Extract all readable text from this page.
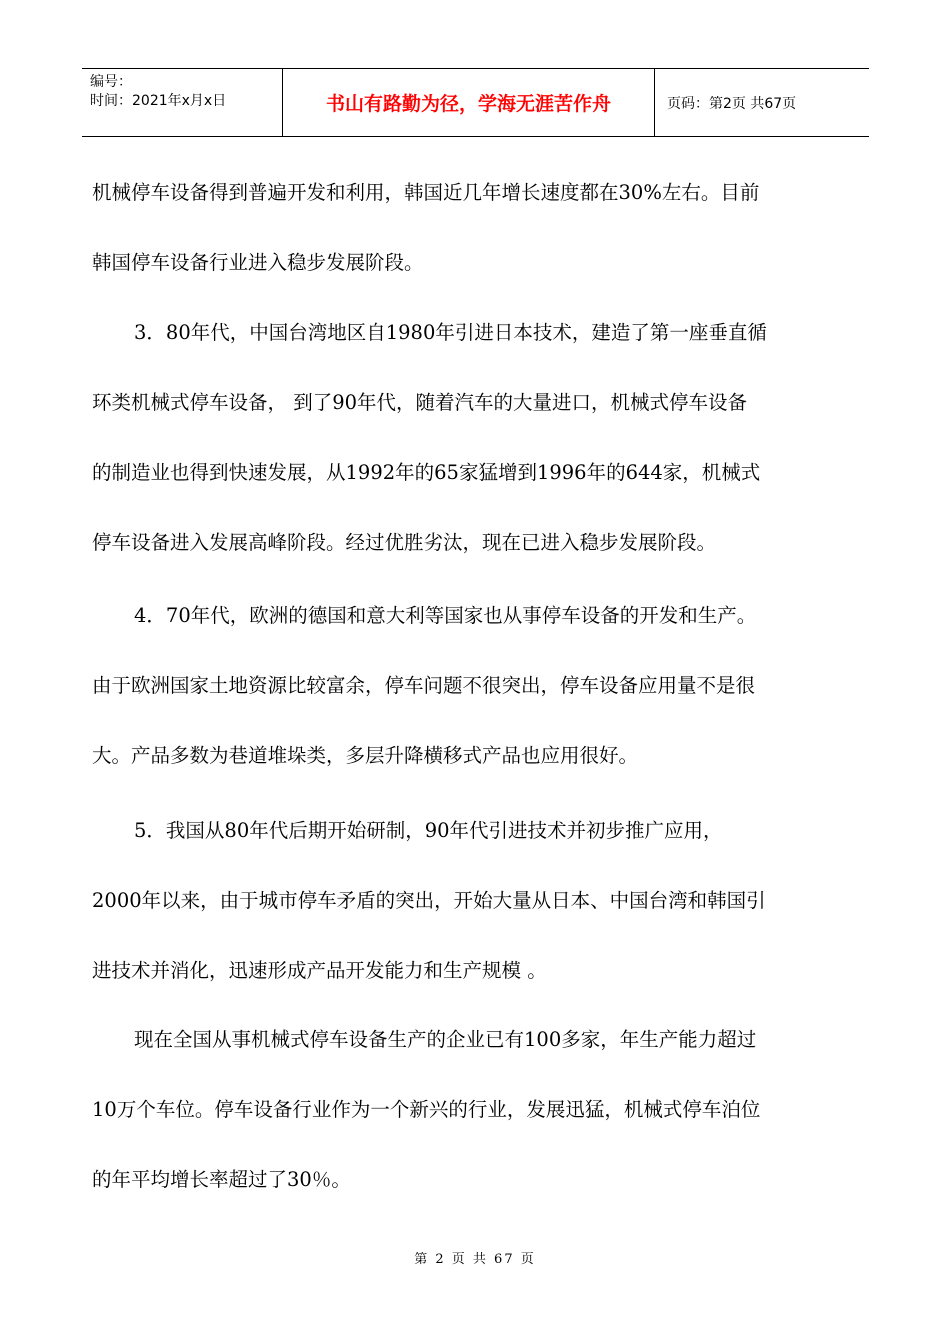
编号：
时间：2021年x月x日	书山有路勤为径，学海无涯苦作舟	页码：第2页 共67页
机械停车设备得到普遍开发和利用，韩国近几年增长速度都在30%左右。目前
韩国停车设备行业进入稳步发展阶段。
3．80年代，中国台湾地区自1980年引进日本技术，建造了第一座垂直循
环类机械式停车设备， 到了90年代，随着汽车的大量进口，机械式停车设备
的制造业也得到快速发展，从1992年的65家猛增到1996年的644家，机械式
停车设备进入发展高峰阶段。经过优胜劣汰，现在已进入稳步发展阶段。
4．70年代，欧洲的德国和意大利等国家也从事停车设备的开发和生产。
由于欧洲国家土地资源比较富余，停车问题不很突出，停车设备应用量不是很
大。产品多数为巷道堆垛类，多层升降横移式产品也应用很好。
5．我国从80年代后期开始研制，90年代引进技术并初步推广应用，
2000年以来，由于城市停车矛盾的突出，开始大量从日本、中国台湾和韩国引
进技术并消化，迅速形成产品开发能力和生产规模 。
现在全国从事机械式停车设备生产的企业已有100多家，年生产能力超过
10万个车位。停车设备行业作为一个新兴的行业，发展迅猛，机械式停车泊位
的年平均增长率超过了30％。
第 2 页 共 67 页
